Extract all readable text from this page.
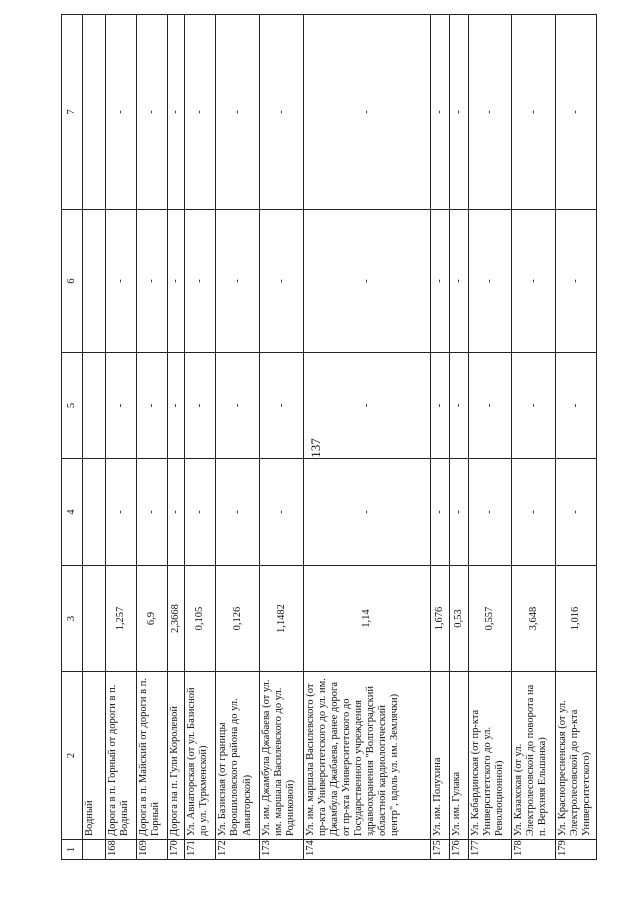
137
1	2	3	4	5	6	7
	Водный					
168	Дорога в п. Горный от дороги в п. Водный	1,257	-	-	-	-
169	Дорога в п. Майский от дороги в п. Горный	6,9	-	-	-	-
170	Дорога на п. Гули Королевой	2,3668	-	-	-	-
171	Ул. Авиаторская (от ул. Базисной до ул. Туркменской)	0,105	-	-	-	-
172	Ул. Базисная (от границы Ворошиловского района до ул. Авиаторской)	0,126	-	-	-	-
173	Ул. им. Джамбула Джабаева (от ул. им. маршала Василевского до ул. Родниковой)	1,1482	-	-	-	-
174	Ул. им. маршала Василевского (от пр-кта Университетского до ул. им. Джамбула Джабаева, ранее дорога от пр-кта Университетского до Государственного учреждения здравоохранения "Волгоградский областной кардиологический центр", вдоль ул. им. Землячки)	1,14	-	-	-	-
175	Ул. им. Полухина	1,676	-	-	-	-
176	Ул. им. Гулака	0,53	-	-	-	-
177	Ул. Кабардинская (от пр-кта Университетского до ул. Революционной)	0,557	-	-	-	-
178	Ул. Казахская (от ул. Электролесовской до поворота на п. Верхняя Ельшанка)	3,648	-	-	-	-
179	Ул. Краснопресненская (от ул. Электролесовской до пр-кта Университетского)	1,016	-	-	-	-
